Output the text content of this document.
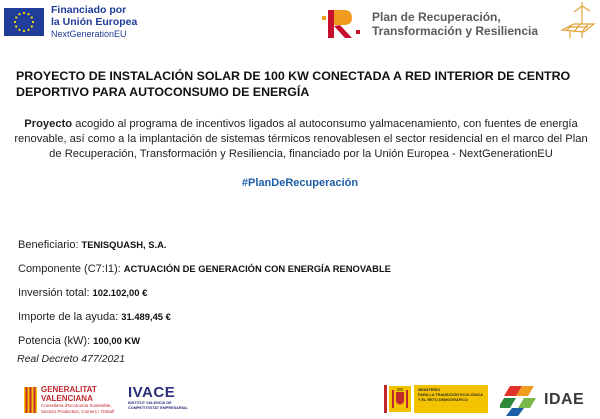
Financiado por
la Unión Europea
NextGenerationEU
Plan de Recuperación,
Transformación y Resiliencia
PROYECTO DE INSTALACIÓN SOLAR DE 100 KW CONECTADA A RED INTERIOR DE CENTRO DEPORTIVO PARA AUTOCONSUMO DE ENERGÍA
Proyecto acogido al programa de incentivos ligados al autoconsumo yalmacenamiento, con fuentes de energía renovable, así como a la implantación de sistemas térmicos renovablesen el sector residencial en el marco del Plan de Recuperación, Transformación y Resiliencia, financiado por la Unión Europea - NextGenerationEU
#PlanDeRecuperación
Beneficiario: TENISQUASH, S.A.
Componente (C7:I1): ACTUACIÓN DE GENERACIÓN CON ENERGÍA RENOVABLE
Inversión total: 102.102,00 €
Importe de la ayuda: 31.489,45 €
Potencia (kW): 100,00 KW
Real Decreto 477/2021
GENERALITAT
VALENCIANA
Conselleria d'Economia Sostenible,
Sectors Productius, Comerç i Treball
IVACE
INSTITUT VALENCIÀ DE
COMPETITIVITAT EMPRESARIAL
MINISTERIO
PARA LA TRANSICIÓN ECOLÓGICA
Y EL RETO DEMOGRÁFICO	IDAE
